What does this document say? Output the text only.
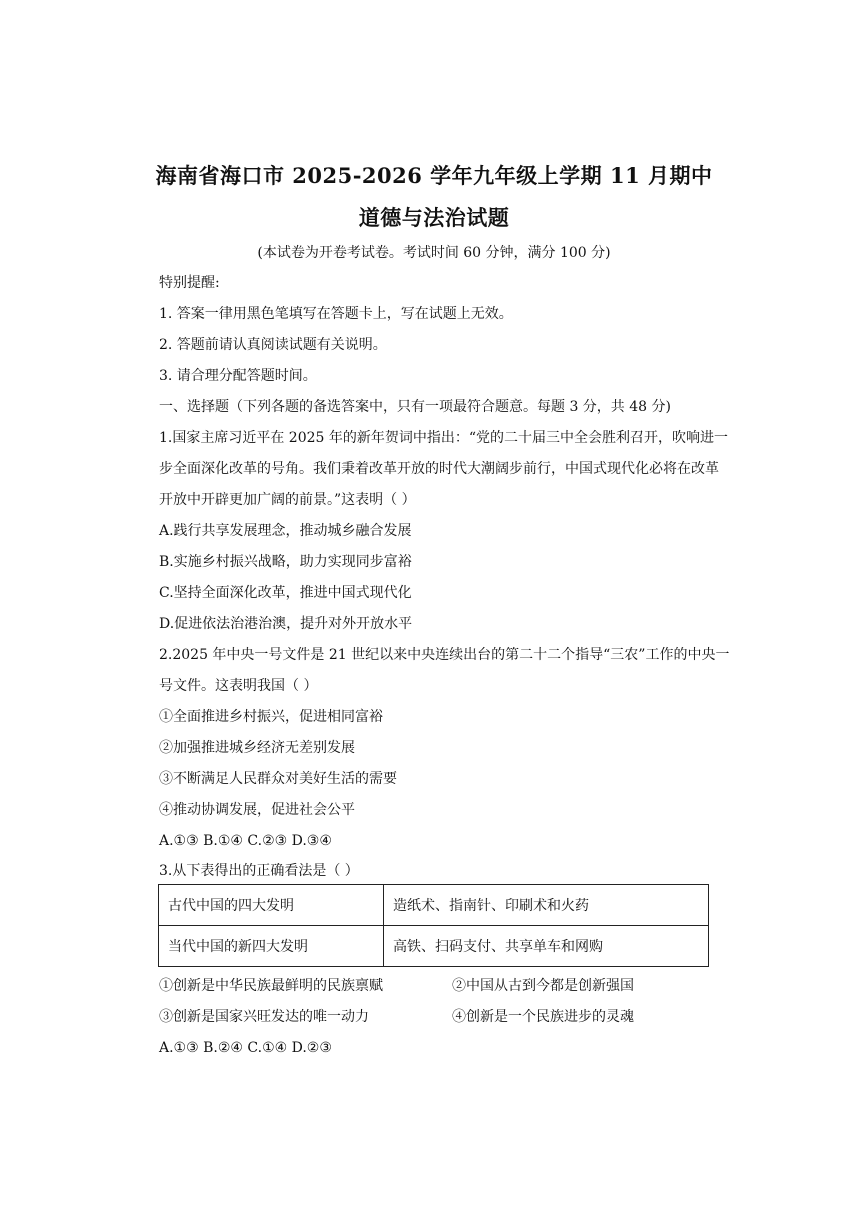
海南省海口市 2025-2026 学年九年级上学期 11 月期中
道德与法治试题
(本试卷为开卷考试卷。考试时间 60 分钟，满分 100 分)
特别提醒:
1. 答案一律用黑色笔填写在答题卡上，写在试题上无效。
2. 答题前请认真阅读试题有关说明。
3. 请合理分配答题时间。
一、选择题（下列各题的备选答案中，只有一项最符合题意。每题 3 分，共 48 分)
1.国家主席习近平在 2025 年的新年贺词中指出：“党的二十届三中全会胜利召开，吹响进一
步全面深化改革的号角。我们秉着改革开放的时代大潮阔步前行，中国式现代化必将在改革
开放中开辟更加广阔的前景。”这表明（ ）
A.践行共享发展理念，推动城乡融合发展
B.实施乡村振兴战略，助力实现同步富裕
C.坚持全面深化改革，推进中国式现代化
D.促进依法治港治澳，提升对外开放水平
2.2025 年中央一号文件是 21 世纪以来中央连续出台的第二十二个指导“三农”工作的中央一
号文件。这表明我国（ ）
①全面推进乡村振兴，促进相同富裕
②加强推进城乡经济无差别发展
③不断满足人民群众对美好生活的需要
④推动协调发展，促进社会公平
A.①③ B.①④ C.②③ D.③④
3.从下表得出的正确看法是（ ）
古代中国的四大发明	造纸术、指南针、印刷术和火药
当代中国的新四大发明	高铁、扫码支付、共享单车和网购
①创新是中华民族最鲜明的民族禀赋	②中国从古到今都是创新强国
③创新是国家兴旺发达的唯一动力	④创新是一个民族进步的灵魂
A.①③ B.②④ C.①④ D.②③
